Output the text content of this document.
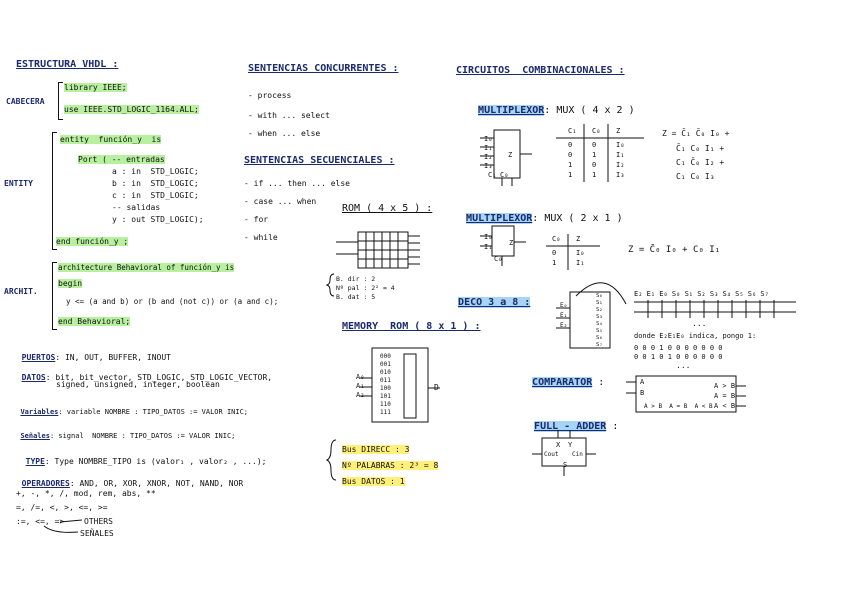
ESTRUCTURA VHDL :
CABECERA
library IEEE;
use IEEE.STD_LOGIC_1164.ALL;
ENTITY
entity  función_y  is
Port ( -- entradas
a : in  STD_LOGIC;
b : in  STD_LOGIC;
c : in  STD_LOGIC;
-- salidas
y : out STD_LOGIC);
end función_y ;
ARCHIT.
architecture Behavioral of función_y is
begin
y <= (a and b) or (b and (not c)) or (a and c);
end Behavioral;

PUERTOS: IN, OUT, BUFFER, INOUT

DATOS: bit, bit_vector, STD_LOGIC, STD_LOGIC_VECTOR,

signed, unsigned, integer, boolean

Variables: variable NOMBRE : TIPO_DATOS := VALOR INIC;

Señales: signal  NOMBRE : TIPO_DATOS := VALOR INIC;

TYPE: Type NOMBRE_TIPO is (valor₁ , valor₂ , ...);

OPERADORES: AND, OR, XOR, XNOR, NOT, NAND, NOR

+, -, *, /, mod, rem, abs, **
=, /=, <, >, <=, >=
:=, <=, => OTHERS
SEÑALES
SENTENCIAS CONCURRENTES :
- process
- with ... select
- when ... else
SENTENCIAS SECUENCIALES :
- if ... then ... else
- case ... when
- for
- while
ROM ( 4 x 5 ) :
B. dir : 2
Nº pal : 2² = 4
B. dat : 5
MEMORY  ROM ( 8 x 1 ) :
A₀
A₁
A₂
D
000
001
010
011
100
101
110
111
Bus DIRECC : 3
Nº PALABRAS : 2³ = 8
Bus DATOS : 1
CIRCUITOS  COMBINACIONALES :

MULTIPLEXOR: MUX ( 4 x 2 )

I₀
I₁
I₂
I₃
C₁ C₀
Z
C₁ C₀ Z
0	0	I₀
0	1	I₁
1	0	I₂
1	1	I₃
Z = C̄₁ C̄₀ I₀ +
C̄₁ C₀ I₁ +
C₁ C̄₀ I₂ +
C₁ C₀ I₃

MULTIPLEXOR: MUX ( 2 x 1 )

I₀
I₁
C₀
Z	C₀ Z
0	I₀
1	I₁
Z = C̄₀ I₀ + C₀ I₁

DECO 3 a 8 :	E₀
E₁
E₂
S₀
S₁
S₂
S₃
S₄
S₅
S₆
S₇
E₂ E₁ E₀ S₀ S₁ S₂ S₃ S₄ S₅ S₆ S₇
...
donde E₂E₁E₀ indica, pongo 1:
0 0 0 1 0 0 0 0 0 0 0
0 0 1 0 1 0 0 0 0 0 0
...

COMPARATOR :	A
B
A > B
A = B
A < B
A > B  A = B  A < B

FULL - ADDER :

X Y
Cout Cin
S
